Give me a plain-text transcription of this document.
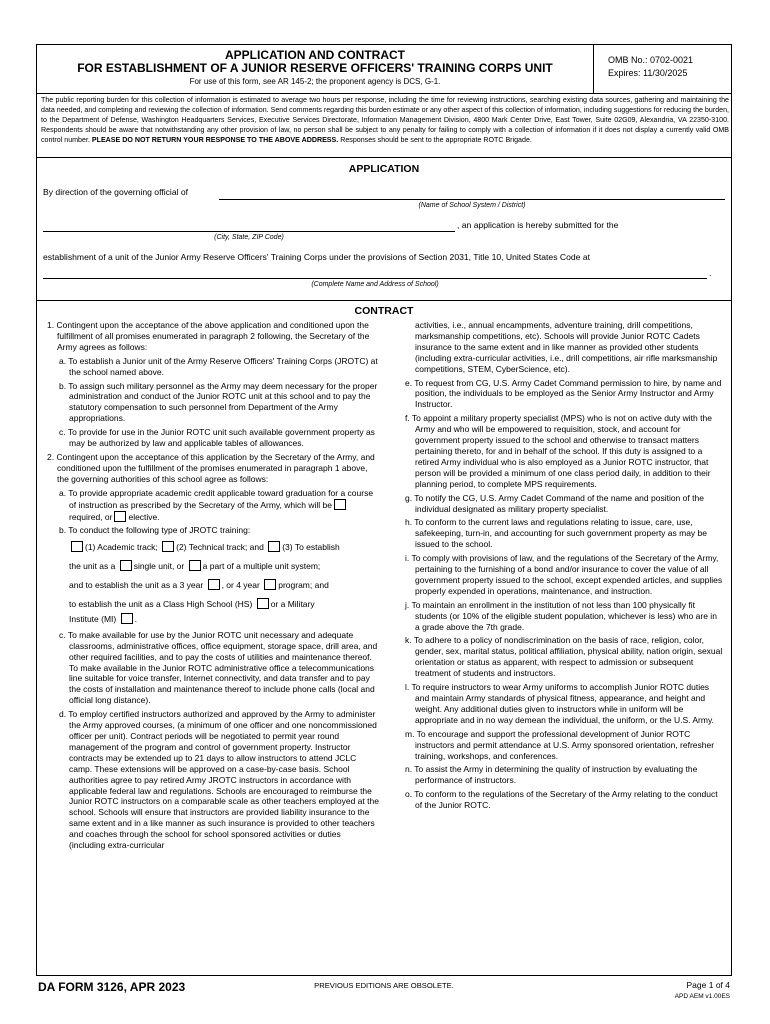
APPLICATION AND CONTRACT
FOR ESTABLISHMENT OF A JUNIOR RESERVE OFFICERS' TRAINING CORPS UNIT
For use of this form, see AR 145-2; the proponent agency is DCS, G-1.
OMB No.: 0702-0021
Expires: 11/30/2025
The public reporting burden for this collection of information is estimated to average two hours per response, including the time for reviewing instructions, searching existing data sources, gathering and maintaining the data needed, and completing and reviewing the collection of information. Send comments regarding this burden estimate or any other aspect of this collection of information, including suggestions for reducing the burden, to the Department of Defense, Washington Headquarters Services, Executive Services Directorate, Information Management Division, 4800 Mark Center Drive, East Tower, Suite 02G09, Alexandria, VA 22350-3100. Respondents should be aware that notwithstanding any other provision of law, no person shall be subject to any penalty for failing to comply with a collection of information if it does not display a currently valid OMB control number. PLEASE DO NOT RETURN YOUR RESPONSE TO THE ABOVE ADDRESS. Responses should be sent to the appropriate ROTC Brigade.
APPLICATION
By direction of the governing official of
(Name of School System / District)
, an application is hereby submitted for the
(City, State, ZIP Code)
establishment of a unit of the Junior Army Reserve Officers' Training Corps under the provisions of Section 2031, Title 10, United States Code at
.
(Complete Name and Address of School)
CONTRACT

1. Contingent upon the acceptance of the above application and conditioned upon the fulfillment of all promises enumerated in paragraph 2 following, the Secretary of the Army agrees as follows:

a. To establish a Junior unit of the Army Reserve Officers' Training Corps (JROTC) at the school named above.

b. To assign such military personnel as the Army may deem necessary for the proper administration and conduct of the Junior ROTC unit at this school and to pay the statutory compensation to such personnel from Department of the Army appropriations.

c. To provide for use in the Junior ROTC unit such available government property as may be authorized by law and applicable tables of allowances.

2. Contingent upon the acceptance of this application by the Secretary of the Army, and conditioned upon the fulfillment of the promises enumerated in paragraph 1 above, the governing authorities of this school agree as follows:

a. To provide appropriate academic credit applicable toward graduation for a course of instruction as prescribed by the Secretary of the Army, which will berequired, or elective.

b. To conduct the following type of JROTC training:

(1) Academic track; (2) Technical track; and (3) To establish

the unit as a single unit, or a part of a multiple unit system;

and to establish the unit as a 3 year , or 4 year program; and

to establish the unit as a Class High School (HS) or a Military

Institute (MI) .

c. To make available for use by the Junior ROTC unit necessary and adequate classrooms, administrative offices, office equipment, storage space, drill area, and other required facilities, and to pay the costs of utilities and maintenance thereof. To make available in the Junior ROTC administrative office a telecommunications line suitable for voice transfer, Internet connectivity, and data transfer and to pay the costs of installation and maintenance thereof to include phone calls (local and official long distance).

d. To employ certified instructors authorized and approved by the Army to administer the Army approved courses, (a minimum of one officer and one noncommissioned officer per unit). Contract periods will be negotiated to permit year round management of the program and control of government property. Instructor contracts may be extended up to 21 days to allow instructors to attend JCLC camp. These extensions will be approved on a case-by-case basis. School authorities agree to pay retired Army JROTC instructors in accordance with applicable federal law and regulations. Schools are encouraged to reimburse the Junior ROTC instructors on a comparable scale as other teachers employed at the school. Schools will ensure that instructors are provided liability insurance to the same extent and in a like manner as such insurance is provided to other teachers and coaches through the school for school sponsored activities or duties (including extra-curricular

activities, i.e., annual encampments, adventure training, drill competitions, marksmanship competitions, etc). Schools will provide Junior ROTC Cadets insurance to the same extent and in like manner as provided other students (including extra-curricular activities, i.e., drill competitions, air rifle marksmanship competitions, STEM, CyberScience, etc).

e. To request from CG, U.S. Army Cadet Command permission to hire, by name and position, the individuals to be employed as the Senior Army Instructor and Army Instructor.

f. To appoint a military property specialist (MPS) who is not on active duty with the Army and who will be empowered to requisition, stock, and account for government property issued to the school and otherwise to transact matters pertaining thereto, for and in behalf of the school. If this duty is assigned to a retired Army individual who is also employed as a Junior ROTC instructor, that person will be provided a minimum of one class period daily, in addition to their planning period, to complete MPS requirements.

g. To notify the CG, U.S. Army Cadet Command of the name and position of the individual designated as military property specialist.

h. To conform to the current laws and regulations relating to issue, care, use, safekeeping, turn-in, and accounting for such government property as may be issued to the school.

i. To comply with provisions of law, and the regulations of the Secretary of the Army, pertaining to the furnishing of a bond and/or insurance to cover the value of all government property issued to the school, except expended articles, and supplies properly expended in operations, maintenance, and instruction.

j. To maintain an enrollment in the institution of not less than 100 physically fit students (or 10% of the eligible student population, whichever is less) who are in a grade above the 7th grade.

k. To adhere to a policy of nondiscrimination on the basis of race, religion, color, gender, sex, marital status, political affiliation, physical ability, nation origin, sexual orientation or status as apparent, with respect to admission or subsequent treatment of students and instructors.

l. To require instructors to wear Army uniforms to accomplish Junior ROTC duties and maintain Army standards of physical fitness, appearance, and height and weight. Any additional duties given to instructors while in uniform will be appropriate and in no way demean the individual, the uniform, or the U.S. Army.

m. To encourage and support the professional development of Junior ROTC instructors and permit attendance at U.S. Army sponsored orientation, refresher training, workshops, and conferences.

n. To assist the Army in determining the quality of instruction by evaluating the performance of instructors.

o. To conform to the regulations of the Secretary of the Army relating to the conduct of the Junior ROTC.

DA FORM 3126, APR 2023	PREVIOUS EDITIONS ARE OBSOLETE.	Page 1 of 4
APD AEM v1.00ES
